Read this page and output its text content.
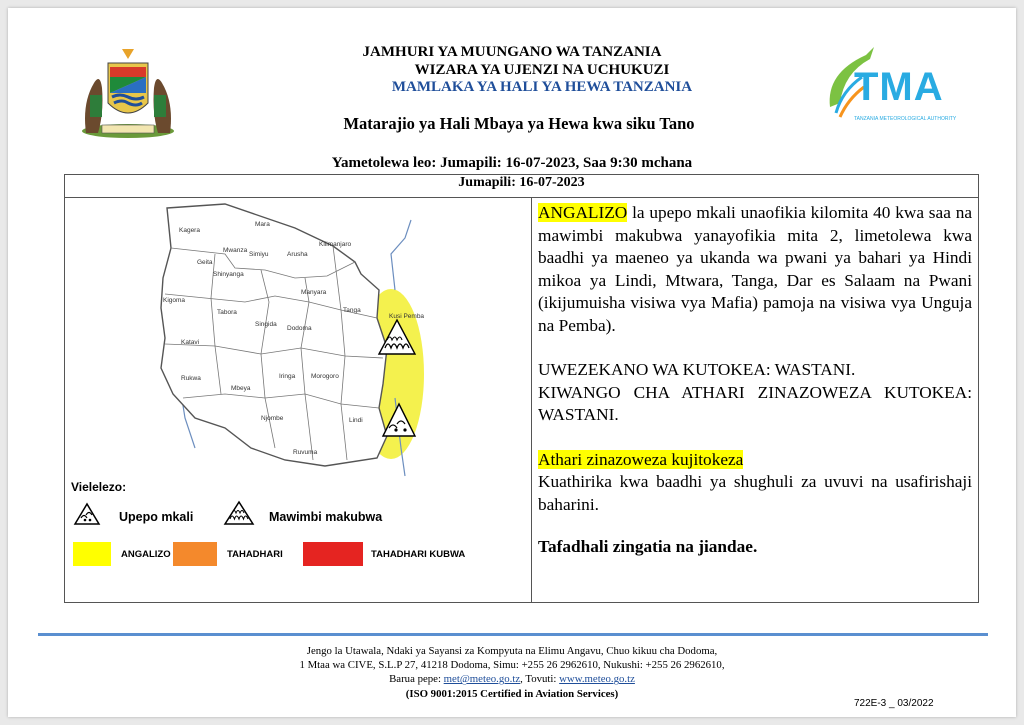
JAMHURI YA MUUNGANO WA TANZANIA
WIZARA YA UJENZI NA UCHUKUZI
MAMLAKA YA HALI YA HEWA TANZANIA
Matarajio ya Hali Mbaya ya Hewa kwa siku Tano
TMA
TANZANIA METEOROLOGICAL AUTHORITY
Yametolewa leo: Jumapili: 16-07-2023, Saa 9:30 mchana
Jumapili: 16-07-2023

Kagera
Mara
Simiyu
Mwanza
Geita
Shinyanga
Kilimanjaro
Arusha
Manyara
Tanga
Kigoma
Tabora
Singida
Dodoma
Katavi
Rukwa
Mbeya
Iringa Morogoro
Njombe
Ruvuma
Lindi
Kusi Pemba
Vielelezo:
Upepo mkali	Mawimbi makubwa
ANGALIZO	TAHADHARI	TAHADHARI KUBWA

ANGALIZO la upepo mkali unaofikia kilomita 40 kwa saa na mawimbi makubwa yanayofikia mita 2, limetolewa kwa baadhi ya maeneo ya ukanda wa pwani ya bahari ya Hindi mikoa ya Lindi, Mtwara, Tanga, Dar es Salaam na Pwani (ikijumuisha visiwa vya Mafia) pamoja na visiwa vya Unguja na Pemba).

UWEZEKANO WA KUTOKEA: WASTANI.

KIWANGO CHA ATHARI ZINAZOWEZA KUTOKEA: WASTANI.

Athari zinazoweza kujitokeza

Kuathirika kwa baadhi ya shughuli za uvuvi na usafirishaji baharini.

Tafadhali zingatia na jiandae.

Jengo la Utawala, Ndaki ya Sayansi za Kompyuta na Elimu Angavu, Chuo kikuu cha Dodoma,
1 Mtaa wa CIVE, S.L.P 27, 41218 Dodoma, Simu: +255 26 2962610, Nukushi: +255 26 2962610,
Barua pepe: met@meteo.go.tz, Tovuti: www.meteo.go.tz
(ISO 9001:2015 Certified in Aviation Services)
722E-3 _ 03/2022
